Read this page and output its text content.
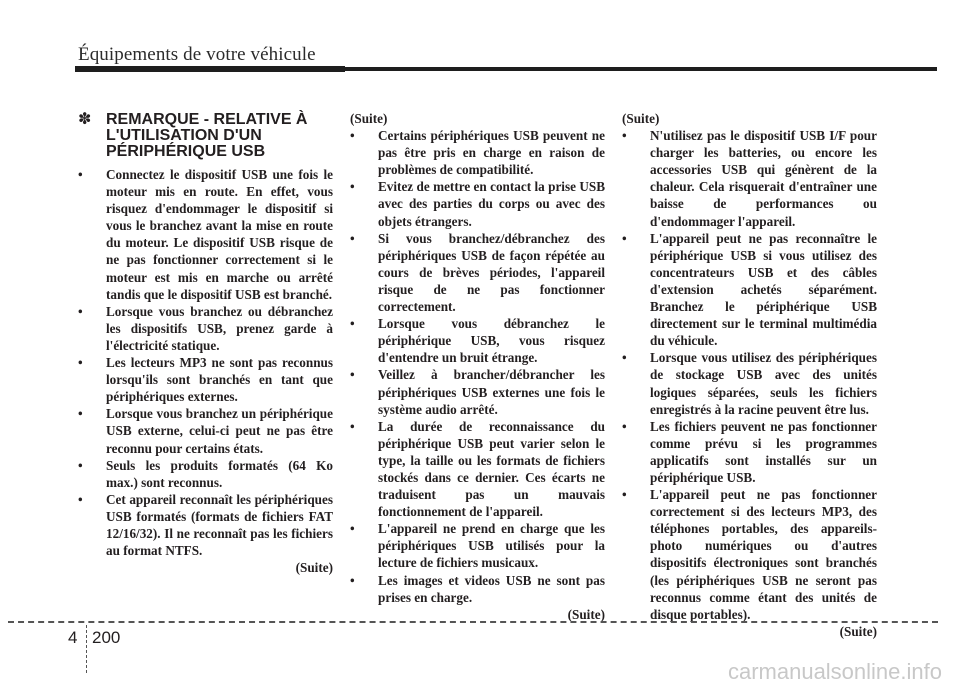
Équipements de votre véhicule
✽ REMARQUE - RELATIVE À L'UTILISATION D'UN PÉRIPHÉRIQUE USB
• Connectez le dispositif USB une fois le moteur mis en route. En effet, vous risquez d'endommager le dispositif si vous le branchez avant la mise en route du moteur. Le dispositif USB risque de ne pas fonctionner correctement si le moteur est mis en marche ou arrêté tandis que le dispositif USB est branché.
• Lorsque vous branchez ou débranchez les dispositifs USB, prenez garde à l'électricité statique.
• Les lecteurs MP3 ne sont pas reconnus lorsqu'ils sont branchés en tant que périphériques externes.
• Lorsque vous branchez un périphérique USB externe, celui-ci peut ne pas être reconnu pour certains états.
• Seuls les produits formatés (64 Ko max.) sont reconnus.
• Cet appareil reconnaît les périphériques USB formatés (formats de fichiers FAT 12/16/32). Il ne reconnaît pas les fichiers au format NTFS.
(Suite)
(Suite)
• Certains périphériques USB peuvent ne pas être pris en charge en raison de problèmes de compatibilité.
• Evitez de mettre en contact la prise USB avec des parties du corps ou avec des objets étrangers.
• Si vous branchez/débranchez des périphériques USB de façon répétée au cours de brèves périodes, l'appareil risque de ne pas fonctionner correctement.
• Lorsque vous débranchez le périphérique USB, vous risquez d'entendre un bruit étrange.
• Veillez à brancher/débrancher les périphériques USB externes une fois le système audio arrêté.
• La durée de reconnaissance du périphérique USB peut varier selon le type, la taille ou les formats de fichiers stockés dans ce dernier. Ces écarts ne traduisent pas un mauvais fonctionnement de l'appareil.
• L'appareil ne prend en charge que les périphériques USB utilisés pour la lecture de fichiers musicaux.
• Les images et videos USB ne sont pas prises en charge.
(Suite)
(Suite)
• N'utilisez pas le dispositif USB I/F pour charger les batteries, ou encore les accessories USB qui génèrent de la chaleur. Cela risquerait d'entraîner une baisse de performances ou d'endommager l'appareil.
• L'appareil peut ne pas reconnaître le périphérique USB si vous utilisez des concentrateurs USB et des câbles d'extension achetés séparément. Branchez le périphérique USB directement sur le terminal multimédia du véhicule.
• Lorsque vous utilisez des périphériques de stockage USB avec des unités logiques séparées, seuls les fichiers enregistrés à la racine peuvent être lus.
• Les fichiers peuvent ne pas fonctionner comme prévu si les programmes applicatifs sont installés sur un périphérique USB.
• L'appareil peut ne pas fonctionner correctement si des lecteurs MP3, des téléphones portables, des appareils-photo numériques ou d'autres dispositifs électroniques sont branchés (les périphériques USB ne seront pas reconnus comme étant des unités de disque portables).
(Suite)
4 200
carmanualsonline.info
